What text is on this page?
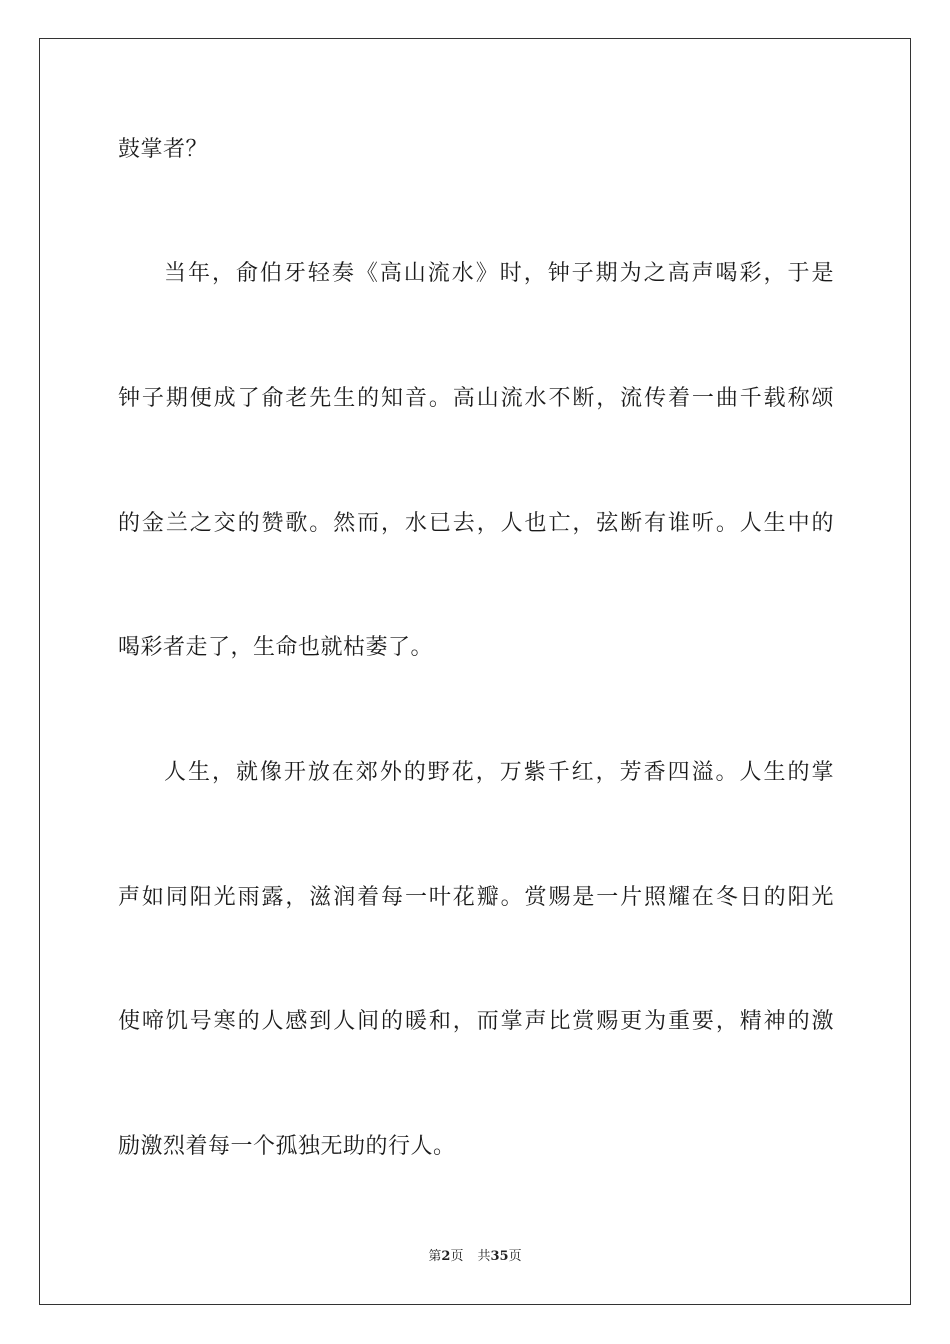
鼓掌者？
当年，俞伯牙轻奏《高山流水》时，钟子期为之高声喝彩，于是
钟子期便成了俞老先生的知音。高山流水不断，流传着一曲千载称颂
的金兰之交的赞歌。然而，水已去，人也亡，弦断有谁听。人生中的
喝彩者走了，生命也就枯萎了。
人生，就像开放在郊外的野花，万紫千红，芳香四溢。人生的掌
声如同阳光雨露，滋润着每一叶花瓣。赏赐是一片照耀在冬日的阳光
使啼饥号寒的人感到人间的暖和，而掌声比赏赐更为重要，精神的激
励激烈着每一个孤独无助的行人。
第2页 共35页
